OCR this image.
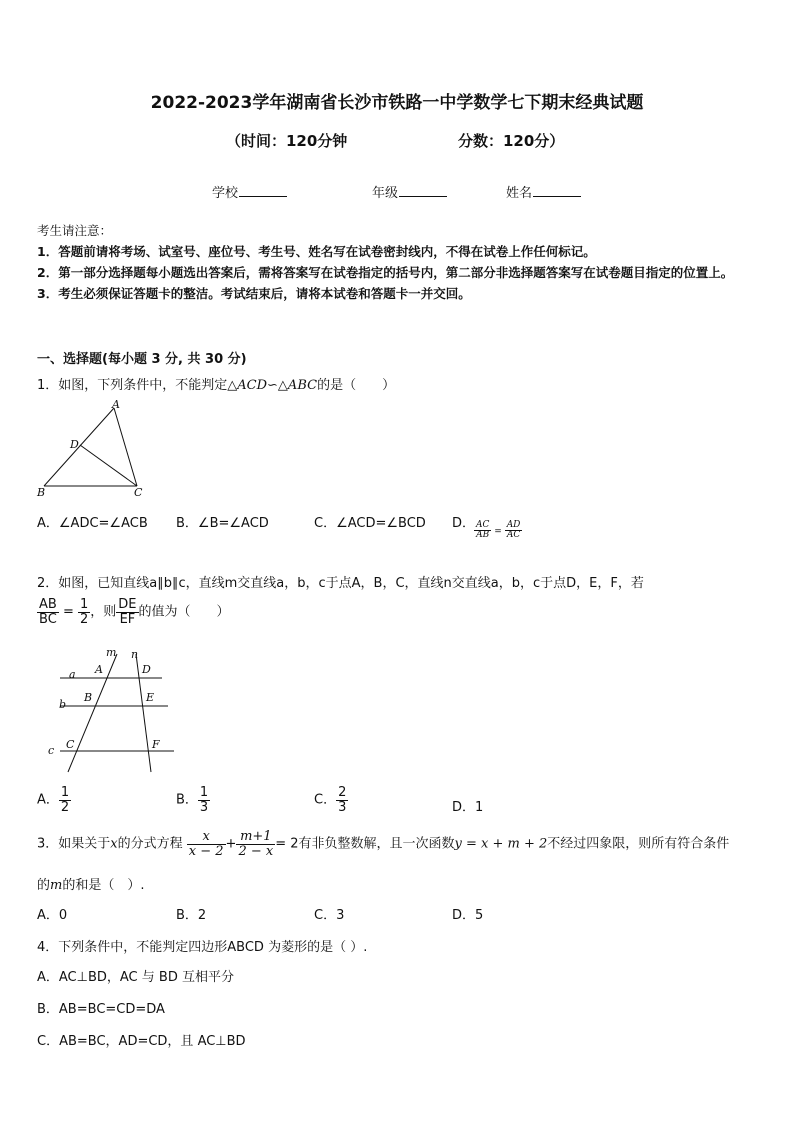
2022-2023学年湖南省长沙市铁路一中学数学七下期末经典试题
（时间：120分钟	分数：120分）
学校	年级	姓名

考生请注意：

1．答题前请将考场、试室号、座位号、考生号、姓名写在试卷密封线内，不得在试卷上作任何标记。

2．第一部分选择题每小题选出答案后，需将答案写在试卷指定的括号内，第二部分非选择题答案写在试卷题目指定的位置上。

3．考生必须保证答题卡的整洁。考试结束后，请将本试卷和答题卡一并交回。

一、选择题(每小题 3 分, 共 30 分)
1．如图，下列条件中，不能判定△ACD∽△ABC的是（　　）
A
D
B	C
A．∠ADC=∠ACB B．∠B=∠ACD	C．∠ACD=∠BCD D．
$\frac{AC}{AB} = \frac{AD}{AC}$
2．如图，已知直线a∥b∥c，直线m交直线a，b，c于点A，B，C，直线n交直线a，b，c于点D，E，F，若
$\frac{AB}{BC} = \frac{1}{2}$ ，则 $\frac{DE}{EF}$ 的值为（　　）
m n
a A	D
b
B	E
c C	F
A． $\frac{1}{2}$	B． $\frac{1}{3}$	C． $\frac{2}{3}$	D．1
3．如果关于x的分式方程 $\frac{x}{x - 2} + \frac{m+1}{2 - x} = 2$有非负整数解，且一次函数y = x + m + 2不经过四象限，则所有符合条件
的m的和是（　）.
A．0	B．2	C．3	D．5
4．下列条件中，不能判定四边形ABCD 为菱形的是（ ）.
A．AC⊥BD，AC 与 BD 互相平分
B．AB=BC=CD=DA
C．AB=BC，AD=CD，且 AC⊥BD
